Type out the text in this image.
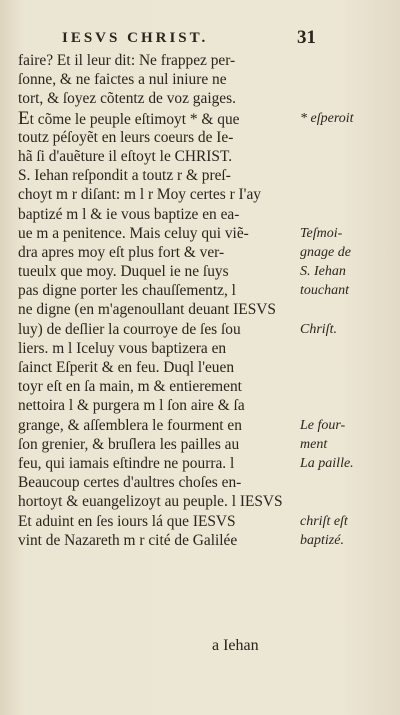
IESVS CHRIST.	31
faire? Et il leur dit: Ne frappez per-
ſonne, & ne faictes a nul iniure ne
tort, & ſoyez cõtentz de voz gaiges.
Et cõme le peuple eſtimoyt * & que
toutz péſoyẽt en leurs coeurs de Ie-
hã ſi d'auẽture il eſtoyt le CHRIST.
S. Iehan reſpondit a toutz r & preſ-
choyt m r diſant: m l r Moy certes r I'ay
baptizé m l & ie vous baptize en ea-
ue m a penitence. Mais celuy qui viẽ-
dra apres moy eſt plus fort & ver-
tueulx que moy. Duquel ie ne ſuys
pas digne porter les chauſſementz, l
ne digne (en m'agenoullant deuant IESVS
luy) de deſlier la courroye de ſes ſou
liers. m l Iceluy vous baptizera en
ſainct Eſperit & en feu. Duql l'euen
toyr eſt en ſa main, m & entierement
nettoira l & purgera m l ſon aire & ſa
grange, & aſſemblera le fourment en
ſon grenier, & bruſlera les pailles au
feu, qui iamais eſtindre ne pourra. l
Beaucoup certes d'aultres choſes en-
hortoyt & euangelizoyt au peuple. l IESVS
Et aduint en ſes iours lá que IESVS
vint de Nazareth m r cité de Galilée
* eſperoit
Teſmoi-
gnage de
S. Iehan
touchant
Chriſt.
Le four-
ment
La paille.
chriſt eſt
baptizé.
a Iehan
